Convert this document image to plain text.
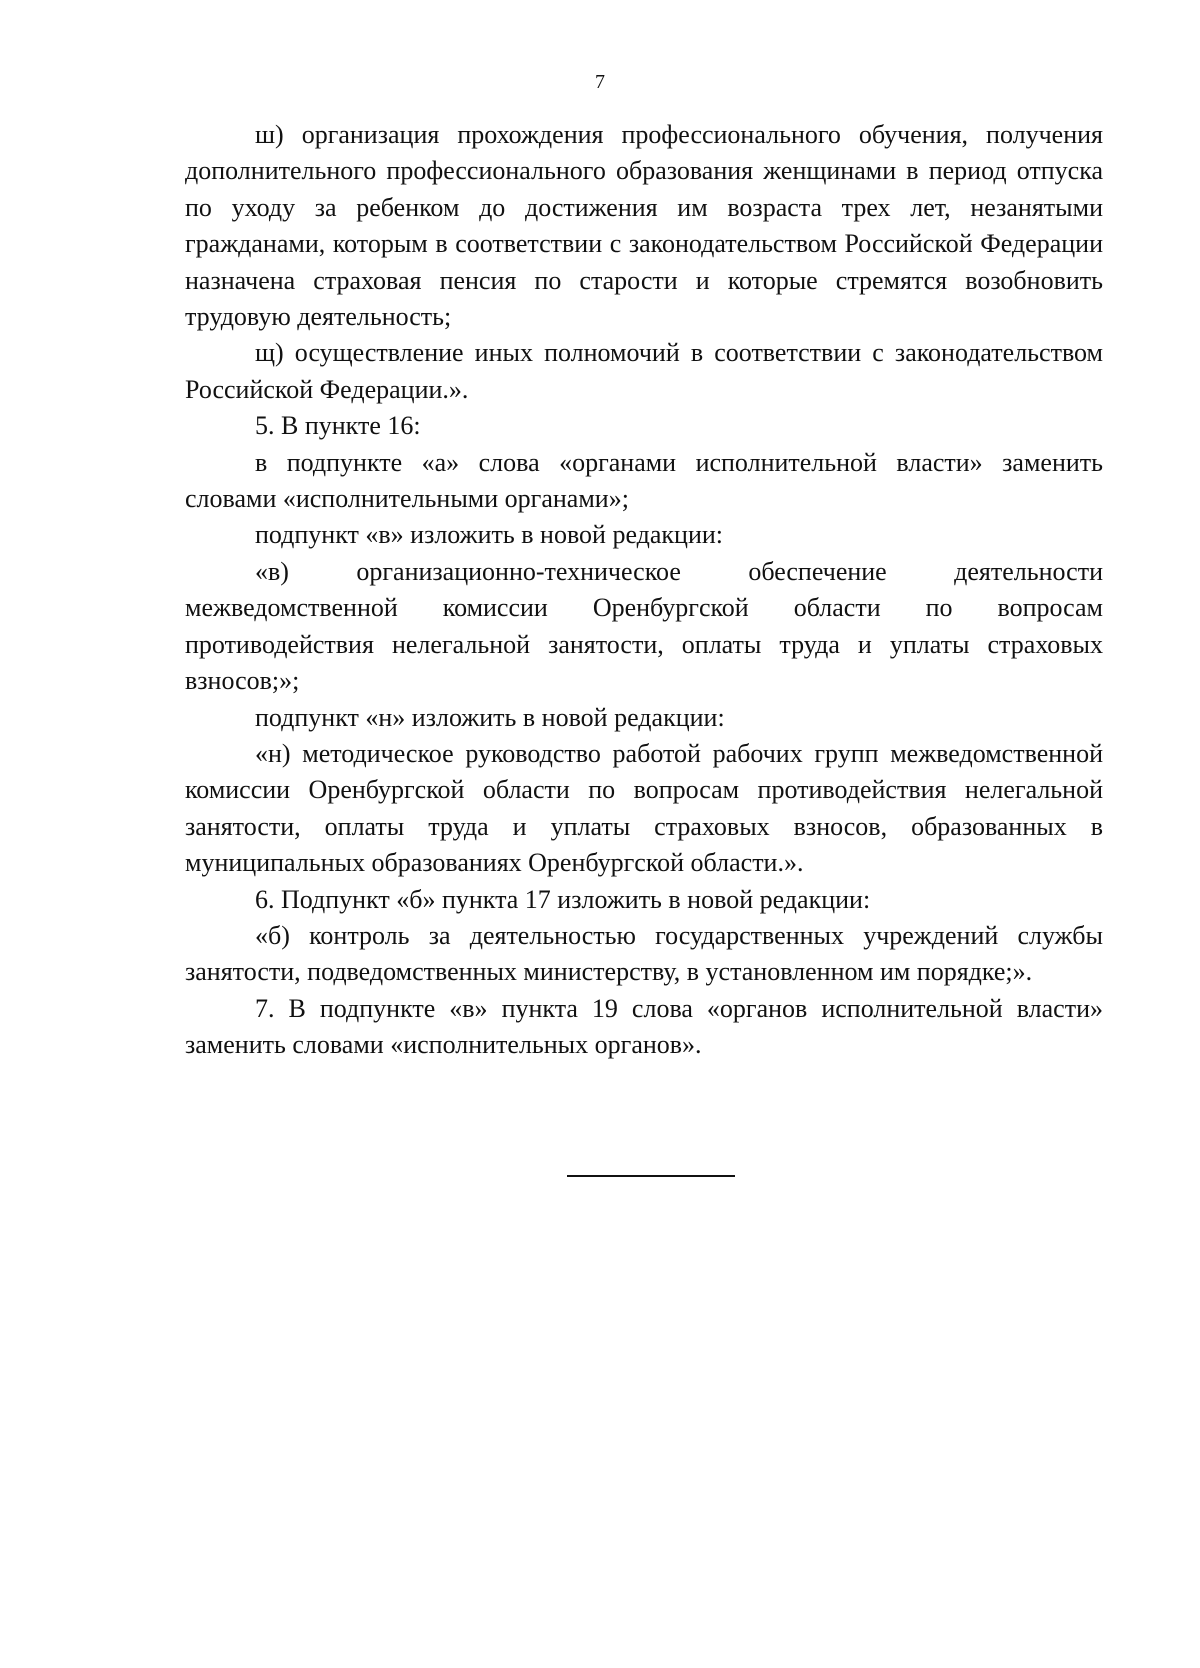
7

ш) организация прохождения профессионального обучения, получения дополнительного профессионального образования женщинами в период отпуска по уходу за ребенком до достижения им возраста трех лет, незанятыми гражданами, которым в соответствии с законодательством Российской Федерации назначена страховая пенсия по старости и которые стремятся возобновить трудовую деятельность;

щ) осуществление иных полномочий в соответствии с законодательством Российской Федерации.».

5. В пункте 16:

в подпункте «а» слова «органами исполнительной власти» заменить словами «исполнительными органами»;

подпункт «в» изложить в новой редакции:

«в) организационно-техническое обеспечение деятельности межведомственной комиссии Оренбургской области по вопросам противодействия нелегальной занятости, оплаты труда и уплаты страховых взносов;»;

подпункт «н» изложить в новой редакции:

«н) методическое руководство работой рабочих групп межведомственной комиссии Оренбургской области по вопросам противодействия нелегальной занятости, оплаты труда и уплаты страховых взносов, образованных в муниципальных образованиях Оренбургской области.».

6. Подпункт «б» пункта 17 изложить в новой редакции:

«б) контроль за деятельностью государственных учреждений службы занятости, подведомственных министерству, в установленном им порядке;».

7. В подпункте «в» пункта 19 слова «органов исполнительной власти» заменить словами «исполнительных органов».
